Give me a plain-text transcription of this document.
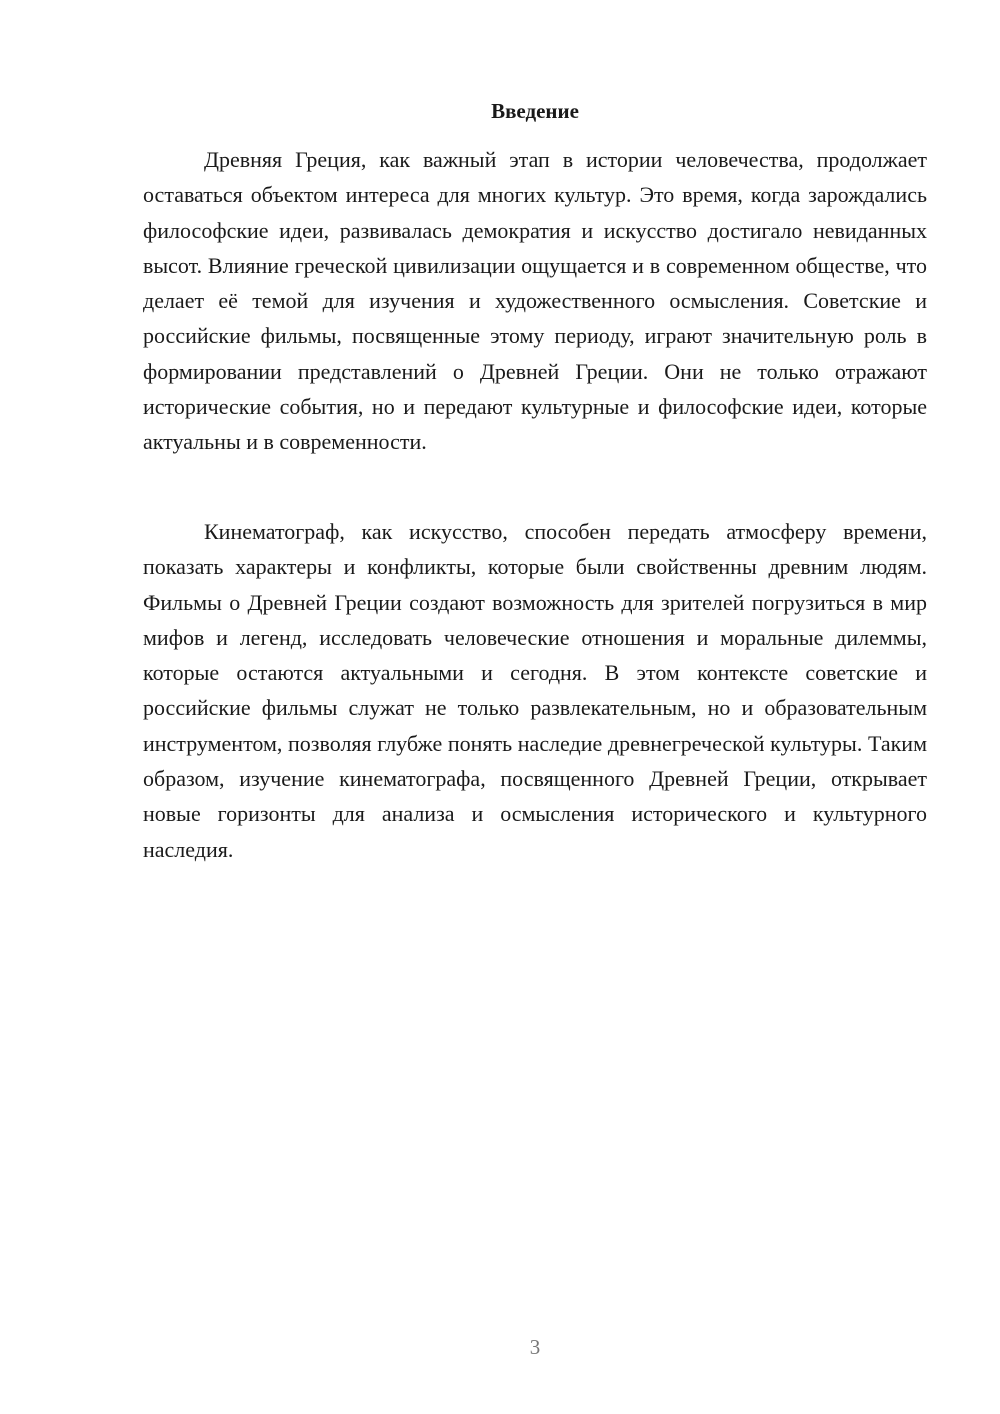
Введение

Древняя Греция, как важный этап в истории человечества, продолжает оставаться объектом интереса для многих культур. Это время, когда зарождались философские идеи, развивалась демократия и искусство достигало невиданных высот. Влияние греческой цивилизации ощущается и в современном обществе, что делает её темой для изучения и художественного осмысления. Советские и российские фильмы, посвященные этому периоду, играют значительную роль в формировании представлений о Древней Греции. Они не только отражают исторические события, но и передают культурные и философские идеи, которые актуальны и в современности.

Кинематограф, как искусство, способен передать атмосферу времени, показать характеры и конфликты, которые были свойственны древним людям. Фильмы о Древней Греции создают возможность для зрителей погрузиться в мир мифов и легенд, исследовать человеческие отношения и моральные дилеммы, которые остаются актуальными и сегодня. В этом контексте советские и российские фильмы служат не только развлекательным, но и образовательным инструментом, позволяя глубже понять наследие древнегреческой культуры. Таким образом, изучение кинематографа, посвященного Древней Греции, открывает новые горизонты для анализа и осмысления исторического и культурного наследия.

3
